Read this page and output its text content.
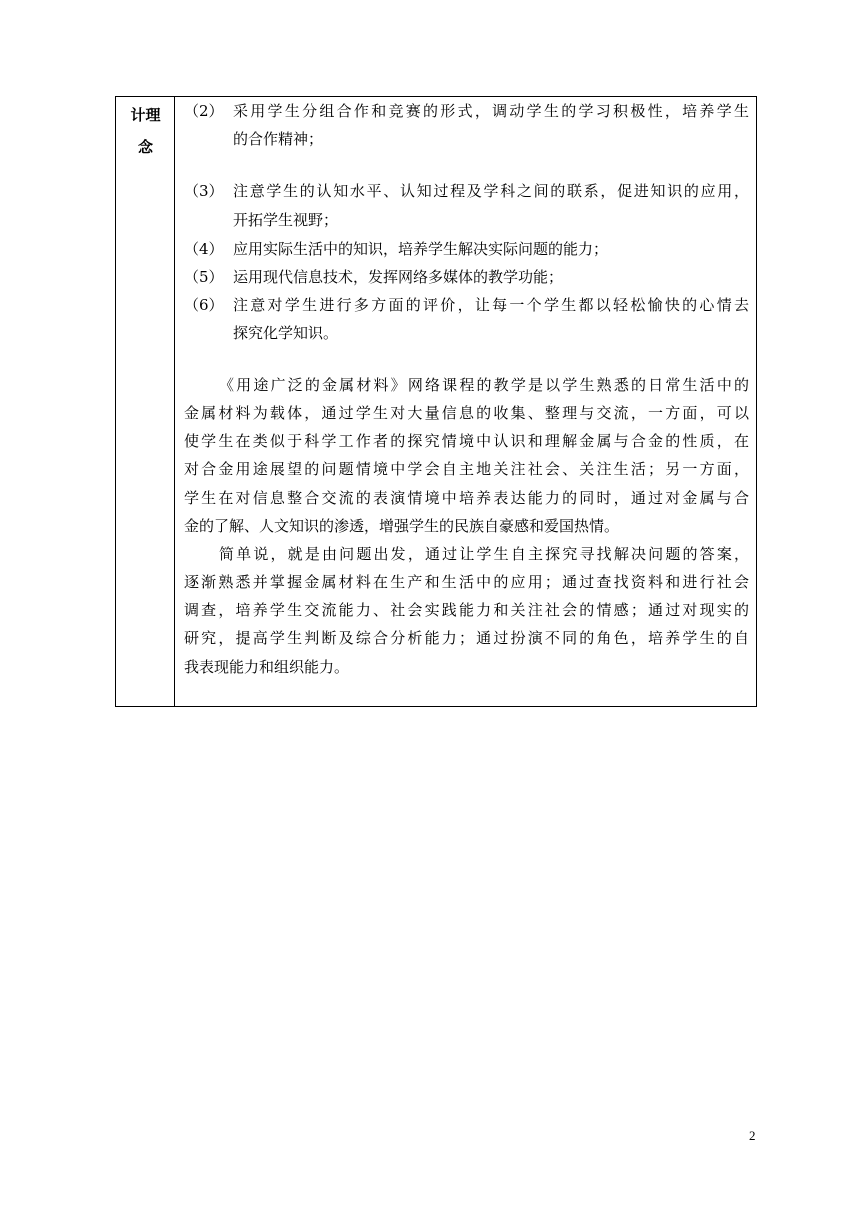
计理
念
（2） 采用学生分组合作和竞赛的形式，调动学生的学习积极性，培养学生
的合作精神；
（3） 注意学生的认知水平、认知过程及学科之间的联系，促进知识的应用，
开拓学生视野；
（4） 应用实际生活中的知识，培养学生解决实际问题的能力；
（5） 运用现代信息技术，发挥网络多媒体的教学功能；
（6） 注意对学生进行多方面的评价，让每一个学生都以轻松愉快的心情去
探究化学知识。
《用途广泛的金属材料》网络课程的教学是以学生熟悉的日常生活中的
金属材料为载体，通过学生对大量信息的收集、整理与交流，一方面，可以
使学生在类似于科学工作者的探究情境中认识和理解金属与合金的性质，在
对合金用途展望的问题情境中学会自主地关注社会、关注生活；另一方面，
学生在对信息整合交流的表演情境中培养表达能力的同时，通过对金属与合
金的了解、人文知识的渗透，增强学生的民族自豪感和爱国热情。
简单说，就是由问题出发，通过让学生自主探究寻找解决问题的答案，
逐渐熟悉并掌握金属材料在生产和生活中的应用；通过查找资料和进行社会
调查，培养学生交流能力、社会实践能力和关注社会的情感；通过对现实的
研究，提高学生判断及综合分析能力；通过扮演不同的角色，培养学生的自
我表现能力和组织能力。
2
